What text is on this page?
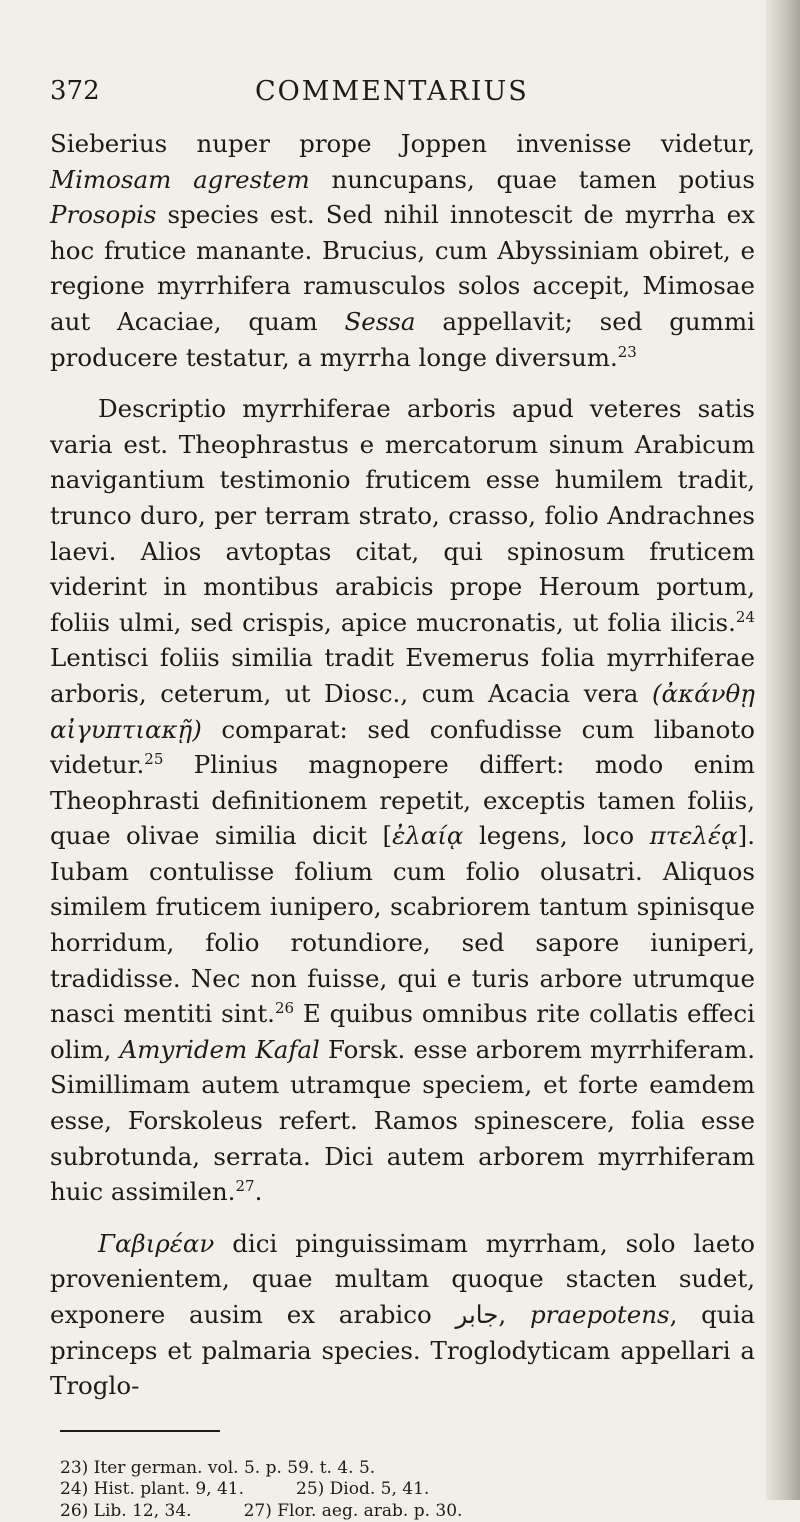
372	COMMENTARIUS

Sieberius nuper prope Joppen invenisse videtur, Mimosam agrestem nuncupans, quae tamen potius Prosopis species est. Sed nihil innotescit de myrrha ex hoc frutice manante. Brucius, cum Abyssiniam obiret, e regione myrrhifera ramusculos solos accepit, Mimosae aut Acaciae, quam Sessa appellavit; sed gummi producere testatur, a myrrha longe diversum.$^{23}$

Descriptio myrrhiferae arboris apud veteres satis varia est. Theophrastus e mercatorum sinum Arabicum navigantium testimonio fruticem esse humilem tradit, trunco duro, per terram strato, crasso, folio Andrachnes laevi. Alios avtoptas citat, qui spinosum fruticem viderint in montibus arabicis prope Heroum portum, foliis ulmi, sed crispis, apice mucronatis, ut folia ilicis.$^{24}$ Lentisci foliis similia tradit Evemerus folia myrrhiferae arboris, ceterum, ut Diosc., cum Acacia vera (ἀκάνθῃ αἰγυπτιακῇ) comparat: sed confudisse cum libanoto videtur.$^{25}$ Plinius magnopere differt: modo enim Theophrasti definitionem repetit, exceptis tamen foliis, quae olivae similia dicit [ἐλαίᾳ legens, loco πτελέᾳ]. Iubam contulisse folium cum folio olusatri. Aliquos similem fruticem iunipero, scabriorem tantum spinisque horridum, folio rotundiore, sed sapore iuniperi, tradidisse. Nec non fuisse, qui e turis arbore utrumque nasci mentiti sint.$^{26}$ E quibus omnibus rite collatis effeci olim, Amyridem Kafal Forsk. esse arborem myrrhiferam. Simillimam autem utramque speciem, et forte eamdem esse, Forskoleus refert. Ramos spinescere, folia esse subrotunda, serrata. Dici autem arborem myrrhiferam huic assimilen.$^{27}$.

Γαβιρέαν dici pinguissimam myrrham, solo laeto provenientem, quae multam quoque stacten sudet, exponere ausim ex arabico جابر, praepotens, quia princeps et palmaria species. Troglodyticam appellari a Troglo-

23) Iter german. vol. 5. p. 59. t. 4. 5.
24) Hist. plant. 9, 41.	25) Diod. 5, 41.
26) Lib. 12, 34.	27) Flor. aeg. arab. p. 30.
